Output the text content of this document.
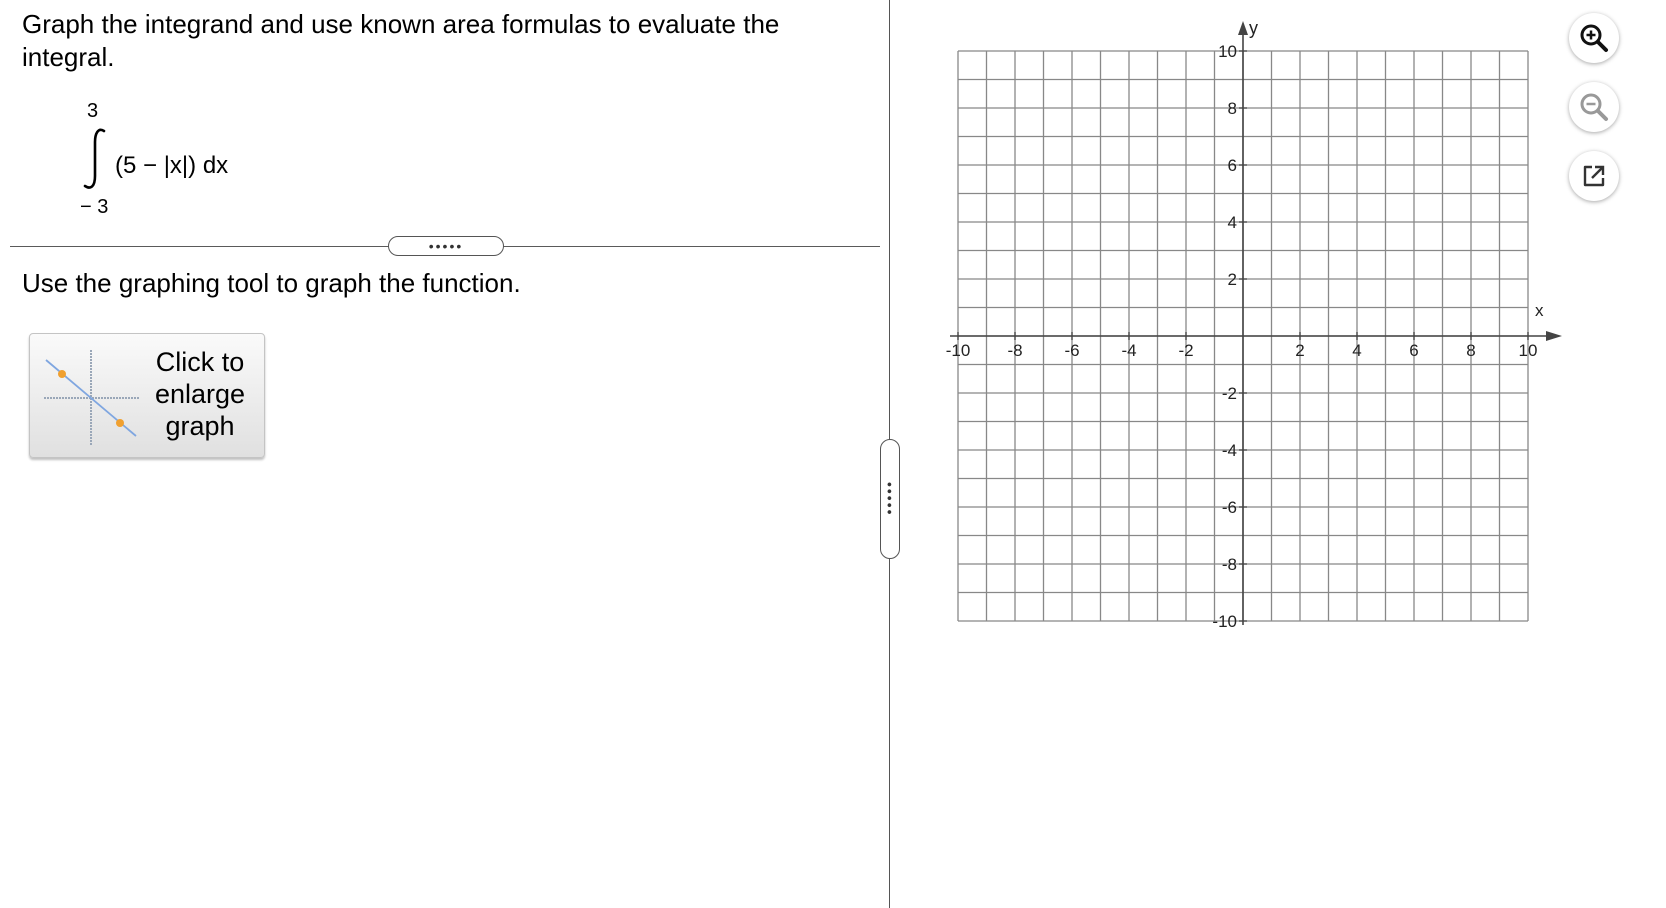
Graph the integrand and use known area formulas to evaluate the
integral.
3
− 3
(5 − |x|) dx
•••••
Use the graphing tool to graph the function.
Click to
enlarge
graph
•••••
-10 -8 -6 -4 -2	2	4	6	8	10
10
8
6
4
2
-2
-4
-6
-8
-10
x
y
